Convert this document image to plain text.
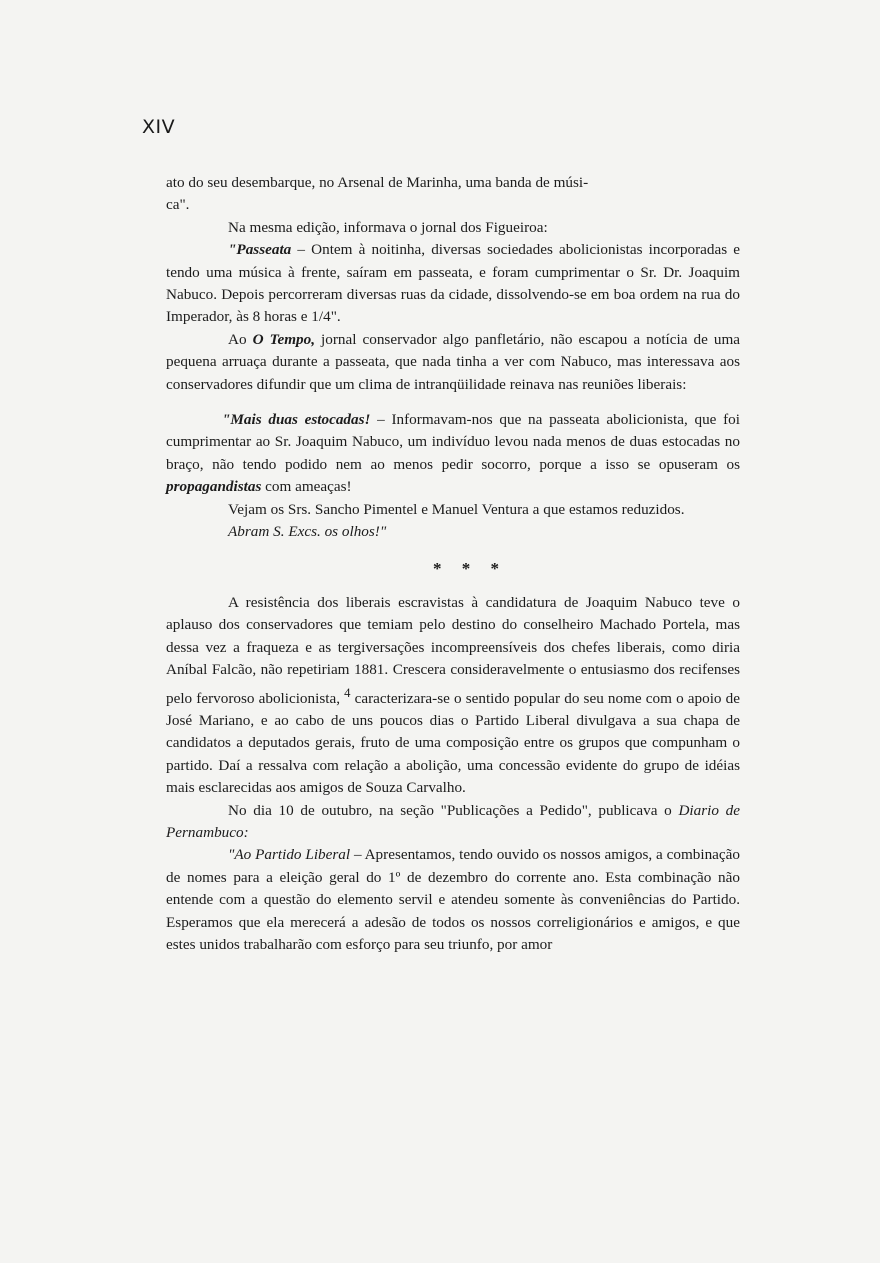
XIV

ato do seu desembarque, no Arsenal de Marinha, uma banda de músi-
ca".

Na mesma edição, informava o jornal dos Figueiroa:

"Passeata – Ontem à noitinha, diversas sociedades abolicionistas incorporadas e tendo uma música à frente, saíram em passeata, e foram cumprimentar o Sr. Dr. Joaquim Nabuco. Depois percorreram diversas ruas da cidade, dissolvendo-se em boa ordem na rua do Imperador, às 8 horas e 1/4".

Ao O Tempo, jornal conservador algo panfletário, não escapou a notícia de uma pequena arruaça durante a passeata, que nada tinha a ver com Nabuco, mas interessava aos conservadores difundir que um clima de intranqüilidade reinava nas reuniões liberais:

"Mais duas estocadas! – Informavam-nos que na passeata abolicionista, que foi cumprimentar ao Sr. Joaquim Nabuco, um indivíduo levou nada menos de duas estocadas no braço, não tendo podido nem ao menos pedir socorro, porque a isso se opuseram os propagandistas com ameaças!

Vejam os Srs. Sancho Pimentel e Manuel Ventura a que estamos reduzidos.

Abram S. Excs. os olhos!"

* * *

A resistência dos liberais escravistas à candidatura de Joaquim Nabuco teve o aplauso dos conservadores que temiam pelo destino do conselheiro Machado Portela, mas dessa vez a fraqueza e as tergiversações incompreensíveis dos chefes liberais, como diria Aníbal Falcão, não repetiriam 1881. Crescera consideravelmente o entusiasmo dos recifenses pelo fervoroso abolicionista, $^4$ caracterizara-se o sentido popular do seu nome com o apoio de José Mariano, e ao cabo de uns poucos dias o Partido Liberal divulgava a sua chapa de candidatos a deputados gerais, fruto de uma composição entre os grupos que compunham o partido. Daí a ressalva com relação a abolição, uma concessão evidente do grupo de idéias mais esclarecidas aos amigos de Souza Carvalho.

No dia 10 de outubro, na seção "Publicações a Pedido", publicava o Diario de Pernambuco:

"Ao Partido Liberal – Apresentamos, tendo ouvido os nossos amigos, a combinação de nomes para a eleição geral do 1º de dezembro do corrente ano. Esta combinação não entende com a questão do elemento servil e atendeu somente às conveniências do Partido. Esperamos que ela merecerá a adesão de todos os nossos correligionários e amigos, e que estes unidos trabalharão com esforço para seu triunfo, por amor
